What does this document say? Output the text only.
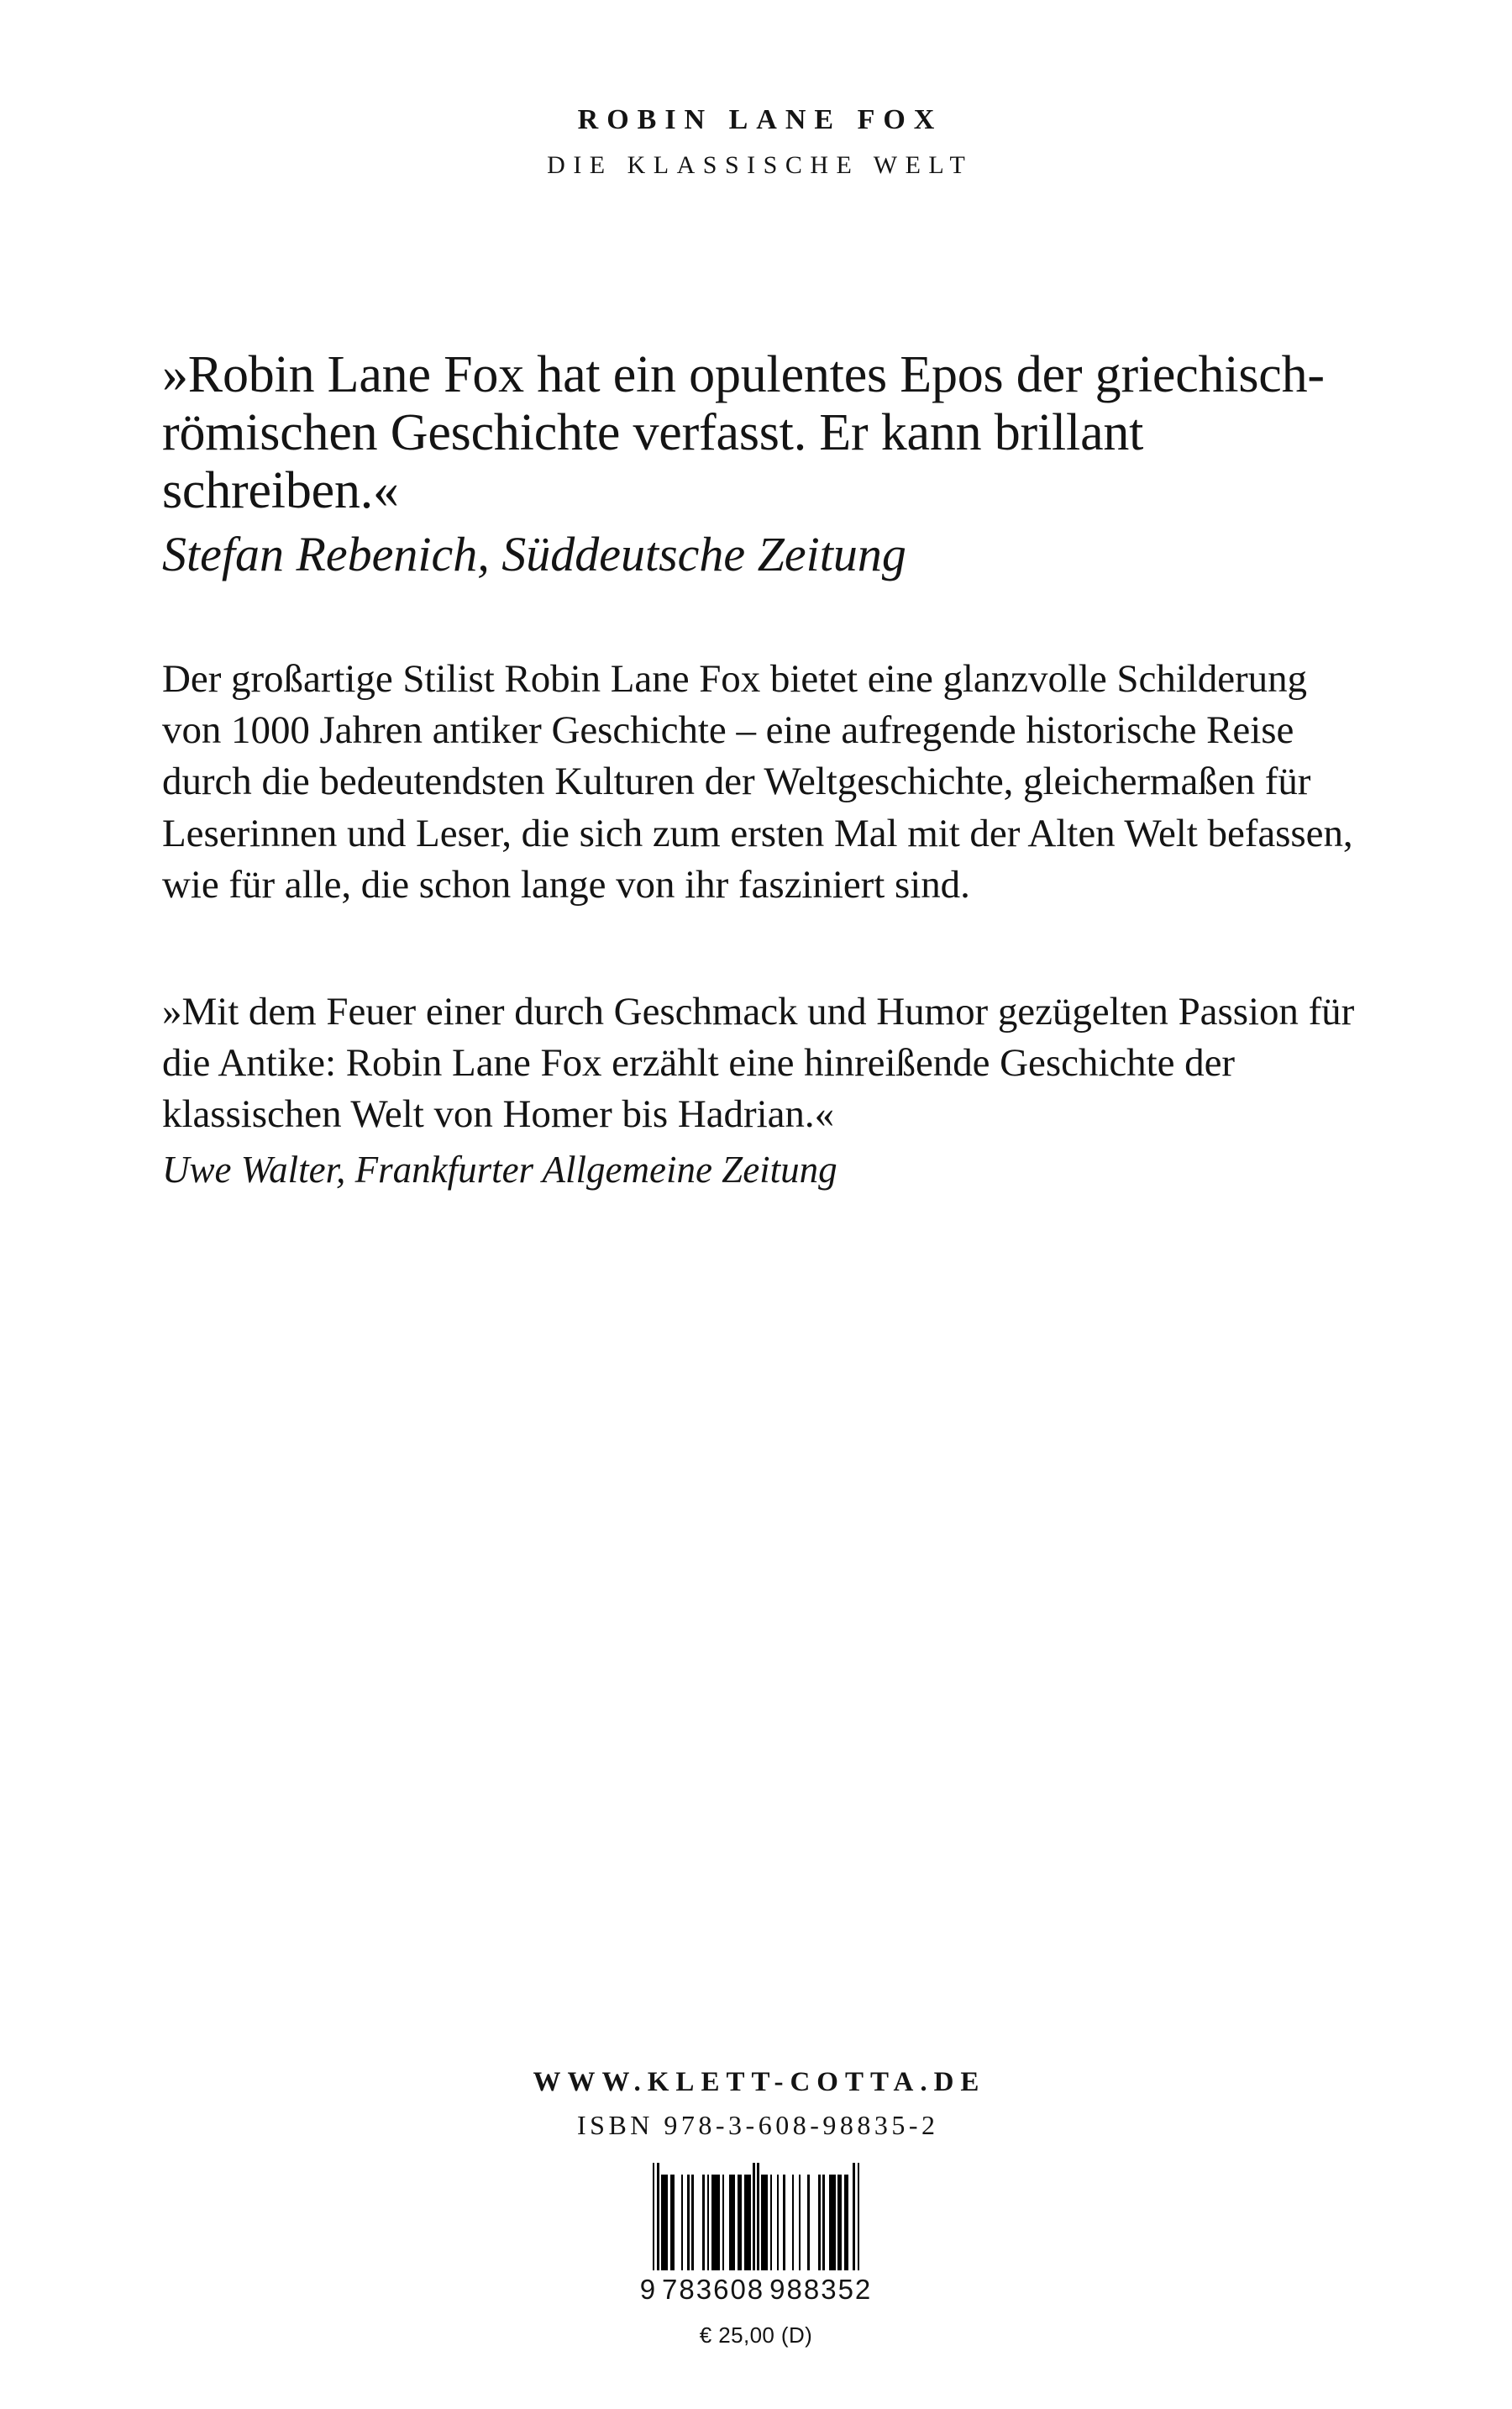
ROBIN LANE FOX
DIE KLASSISCHE WELT
»Robin Lane Fox hat ein opulentes Epos der griechisch-römischen Geschichte verfasst. Er kann brillant schreiben.«
Stefan Rebenich, Süddeutsche Zeitung
Der großartige Stilist Robin Lane Fox bietet eine glanzvolle Schilderung von 1000 Jahren antiker Geschichte – eine aufregende historische Reise durch die bedeutendsten Kulturen der Weltgeschichte, gleichermaßen für Leserinnen und Leser, die sich zum ersten Mal mit der Alten Welt befassen, wie für alle, die schon lange von ihr fasziniert sind.
»Mit dem Feuer einer durch Geschmack und Humor gezügelten Passion für die Antike: Robin Lane Fox erzählt eine hinreißende Geschichte der klassischen Welt von Homer bis Hadrian.«
Uwe Walter, Frankfurter Allgemeine Zeitung
WWW.KLETT-COTTA.DE
ISBN 978-3-608-98835-2
9 783608 988352
€ 25,00 (D)
